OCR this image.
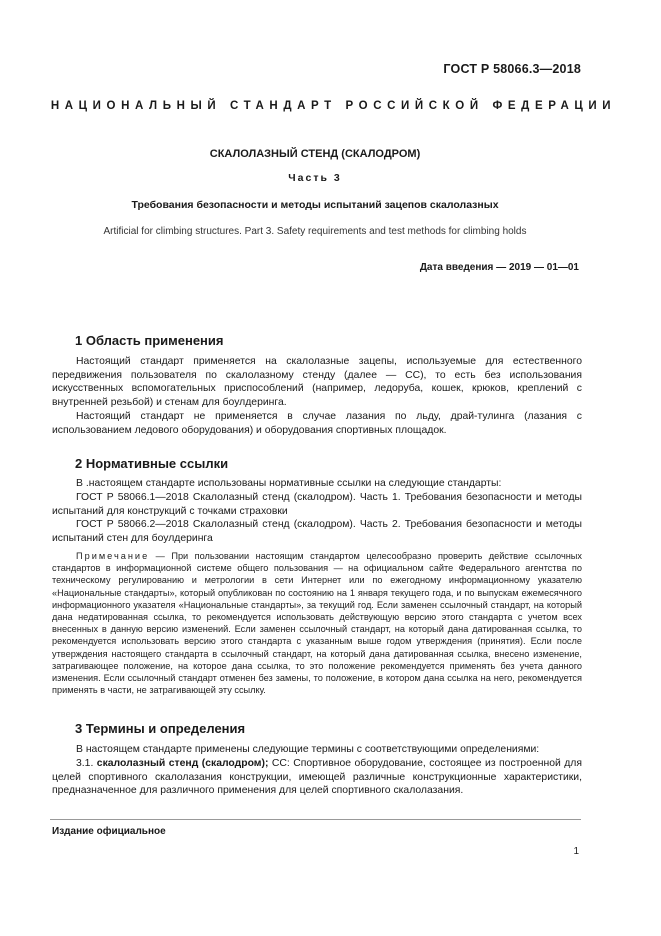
ГОСТ Р 58066.3—2018
НАЦИОНАЛЬНЫЙ СТАНДАРТ РОССИЙСКОЙ ФЕДЕРАЦИИ
СКАЛОЛАЗНЫЙ СТЕНД (СКАЛОДРОМ)
Часть 3
Требования безопасности и методы испытаний зацепов скалолазных
Artificial for climbing structures. Part 3. Safety requirements and test methods for climbing holds
Дата введения — 2019 — 01—01
1 Область применения
Настоящий стандарт применяется на скалолазные зацепы, используемые для естественного передвижения пользователя по скалолазному стенду (далее — СС), то есть без использования искусственных вспомогательных приспособлений (например, ледоруба, кошек, крюков, креплений с внутренней резьбой) и стенам для боулдеринга.
Настоящий стандарт не применяется в случае лазания по льду, драй-тулинга (лазания с использованием ледового оборудования) и оборудования спортивных площадок.
2 Нормативные ссылки
В .настоящем стандарте использованы нормативные ссылки на следующие стандарты:
ГОСТ Р 58066.1—2018 Скалолазный стенд (скалодром). Часть 1. Требования безопасности и методы испытаний для конструкций с точками страховки
ГОСТ Р 58066.2—2018 Скалолазный стенд (скалодром). Часть 2. Требования безопасности и методы испытаний стен для боулдеринга
Примечание — При пользовании настоящим стандартом целесообразно проверить действие ссылочных стандартов в информационной системе общего пользования — на официальном сайте Федерального агентства по техническому регулированию и метрологии в сети Интернет или по ежегодному информационному указателю «Национальные стандарты», который опубликован по состоянию на 1 января текущего года, и по выпускам ежемесячного информационного указателя «Национальные стандарты», за текущий год. Если заменен ссылочный стандарт, на который дана недатированная ссылка, то рекомендуется использовать действующую версию этого стандарта с учетом всех внесенных в данную версию изменений. Если заменен ссылочный стандарт, на который дана датированная ссылка, то рекомендуется использовать версию этого стандарта с указанным выше годом утверждения (принятия). Если после утверждения настоящего стандарта в ссылочный стандарт, на который дана датированная ссылка, внесено изменение, затрагивающее положение, на которое дана ссылка, то это положение рекомендуется применять без учета данного изменения. Если ссылочный стандарт отменен без замены, то положение, в котором дана ссылка на него, рекомендуется применять в части, не затрагивающей эту ссылку.
3 Термины и определения
В настоящем стандарте применены следующие термины с соответствующими определениями:
3.1. скалолазный стенд (скалодром); СС: Спортивное оборудование, состоящее из построенной для целей спортивного скалолазания конструкции, имеющей различные конструкционные характеристики, предназначенное для различного применения для целей спортивного скалолазания.
Издание официальное
1
